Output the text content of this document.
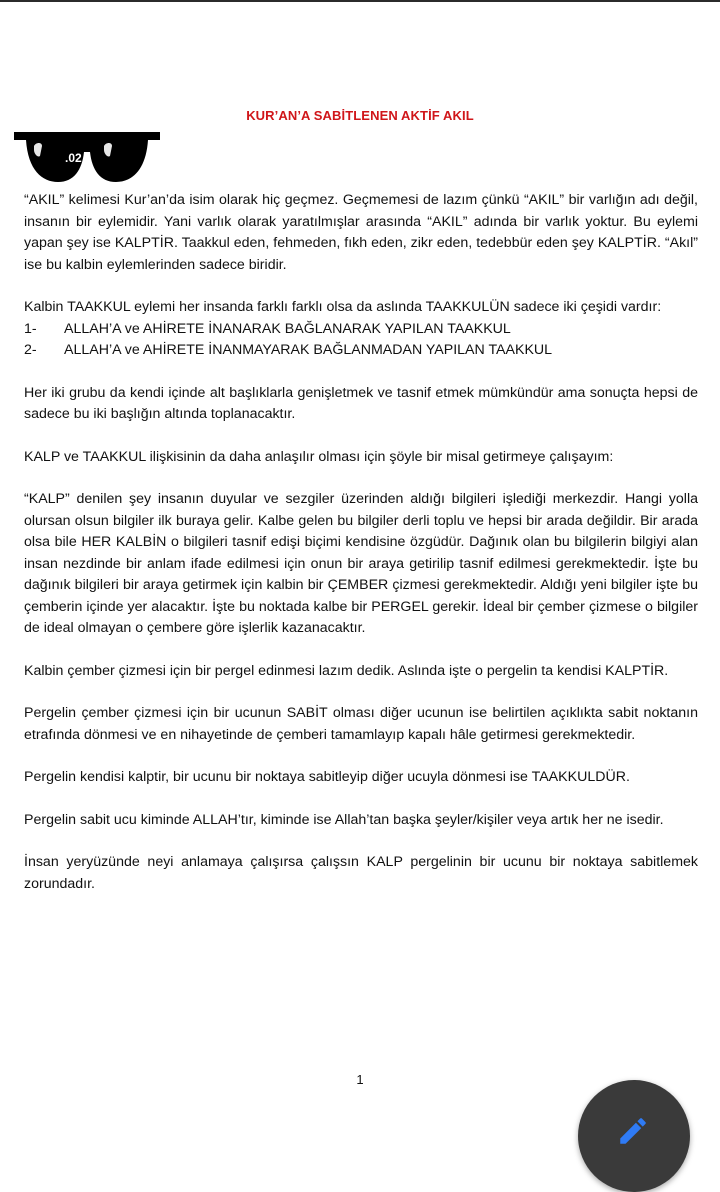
KUR’AN’A SABİTLENEN AKTİF AKIL
.02

“AKIL” kelimesi Kur’an’da isim olarak hiç geçmez. Geçmemesi de lazım çünkü “AKIL” bir varlığın adı değil, insanın bir eylemidir. Yani varlık olarak yaratılmışlar arasında “AKIL” adında bir varlık yoktur. Bu eylemi yapan şey ise KALPTİR. Taakkul eden, fehmeden, fıkh eden, zikr eden, tedebbür eden şey KALPTİR. “Akıl” ise bu kalbin eylemlerinden sadece biridir.

Kalbin TAAKKUL eylemi her insanda farklı farklı olsa da aslında TAAKKULÜN sadece iki çeşidi vardır:

1-	ALLAH’A ve AHİRETE İNANARAK BAĞLANARAK YAPILAN TAAKKUL
2-	ALLAH’A ve AHİRETE İNANMAYARAK BAĞLANMADAN YAPILAN TAAKKUL

Her iki grubu da kendi içinde alt başlıklarla genişletmek ve tasnif etmek mümkündür ama sonuçta hepsi de sadece bu iki başlığın altında toplanacaktır.

KALP ve TAAKKUL ilişkisinin da daha anlaşılır olması için şöyle bir misal getirmeye çalışayım:

“KALP” denilen şey insanın duyular ve sezgiler üzerinden aldığı bilgileri işlediği merkezdir. Hangi yolla olursan olsun bilgiler ilk buraya gelir. Kalbe gelen bu bilgiler derli toplu ve hepsi bir arada değildir. Bir arada olsa bile HER KALBİN o bilgileri tasnif edişi biçimi kendisine özgüdür. Dağınık olan bu bilgilerin bilgiyi alan insan nezdinde bir anlam ifade edilmesi için onun bir araya getirilip tasnif edilmesi gerekmektedir. İşte bu dağınık bilgileri bir araya getirmek için kalbin bir ÇEMBER çizmesi gerekmektedir. Aldığı yeni bilgiler işte bu çemberin içinde yer alacaktır. İşte bu noktada kalbe bir PERGEL gerekir. İdeal bir çember çizmese o bilgiler de ideal olmayan o çembere göre işlerlik kazanacaktır.

Kalbin çember çizmesi için bir pergel edinmesi lazım dedik. Aslında işte o pergelin ta kendisi KALPTİR.

Pergelin çember çizmesi için bir ucunun SABİT olması diğer ucunun ise belirtilen açıklıkta sabit noktanın etrafında dönmesi ve en nihayetinde de çemberi tamamlayıp kapalı hâle getirmesi gerekmektedir.

Pergelin kendisi kalptir, bir ucunu bir noktaya sabitleyip diğer ucuyla dönmesi ise TAAKKULDÜR.

Pergelin sabit ucu kiminde ALLAH’tır, kiminde ise Allah’tan başka şeyler/kişiler veya artık her ne isedir.

İnsan yeryüzünde neyi anlamaya çalışırsa çalışsın KALP pergelinin bir ucunu bir noktaya sabitlemek zorundadır.

1
